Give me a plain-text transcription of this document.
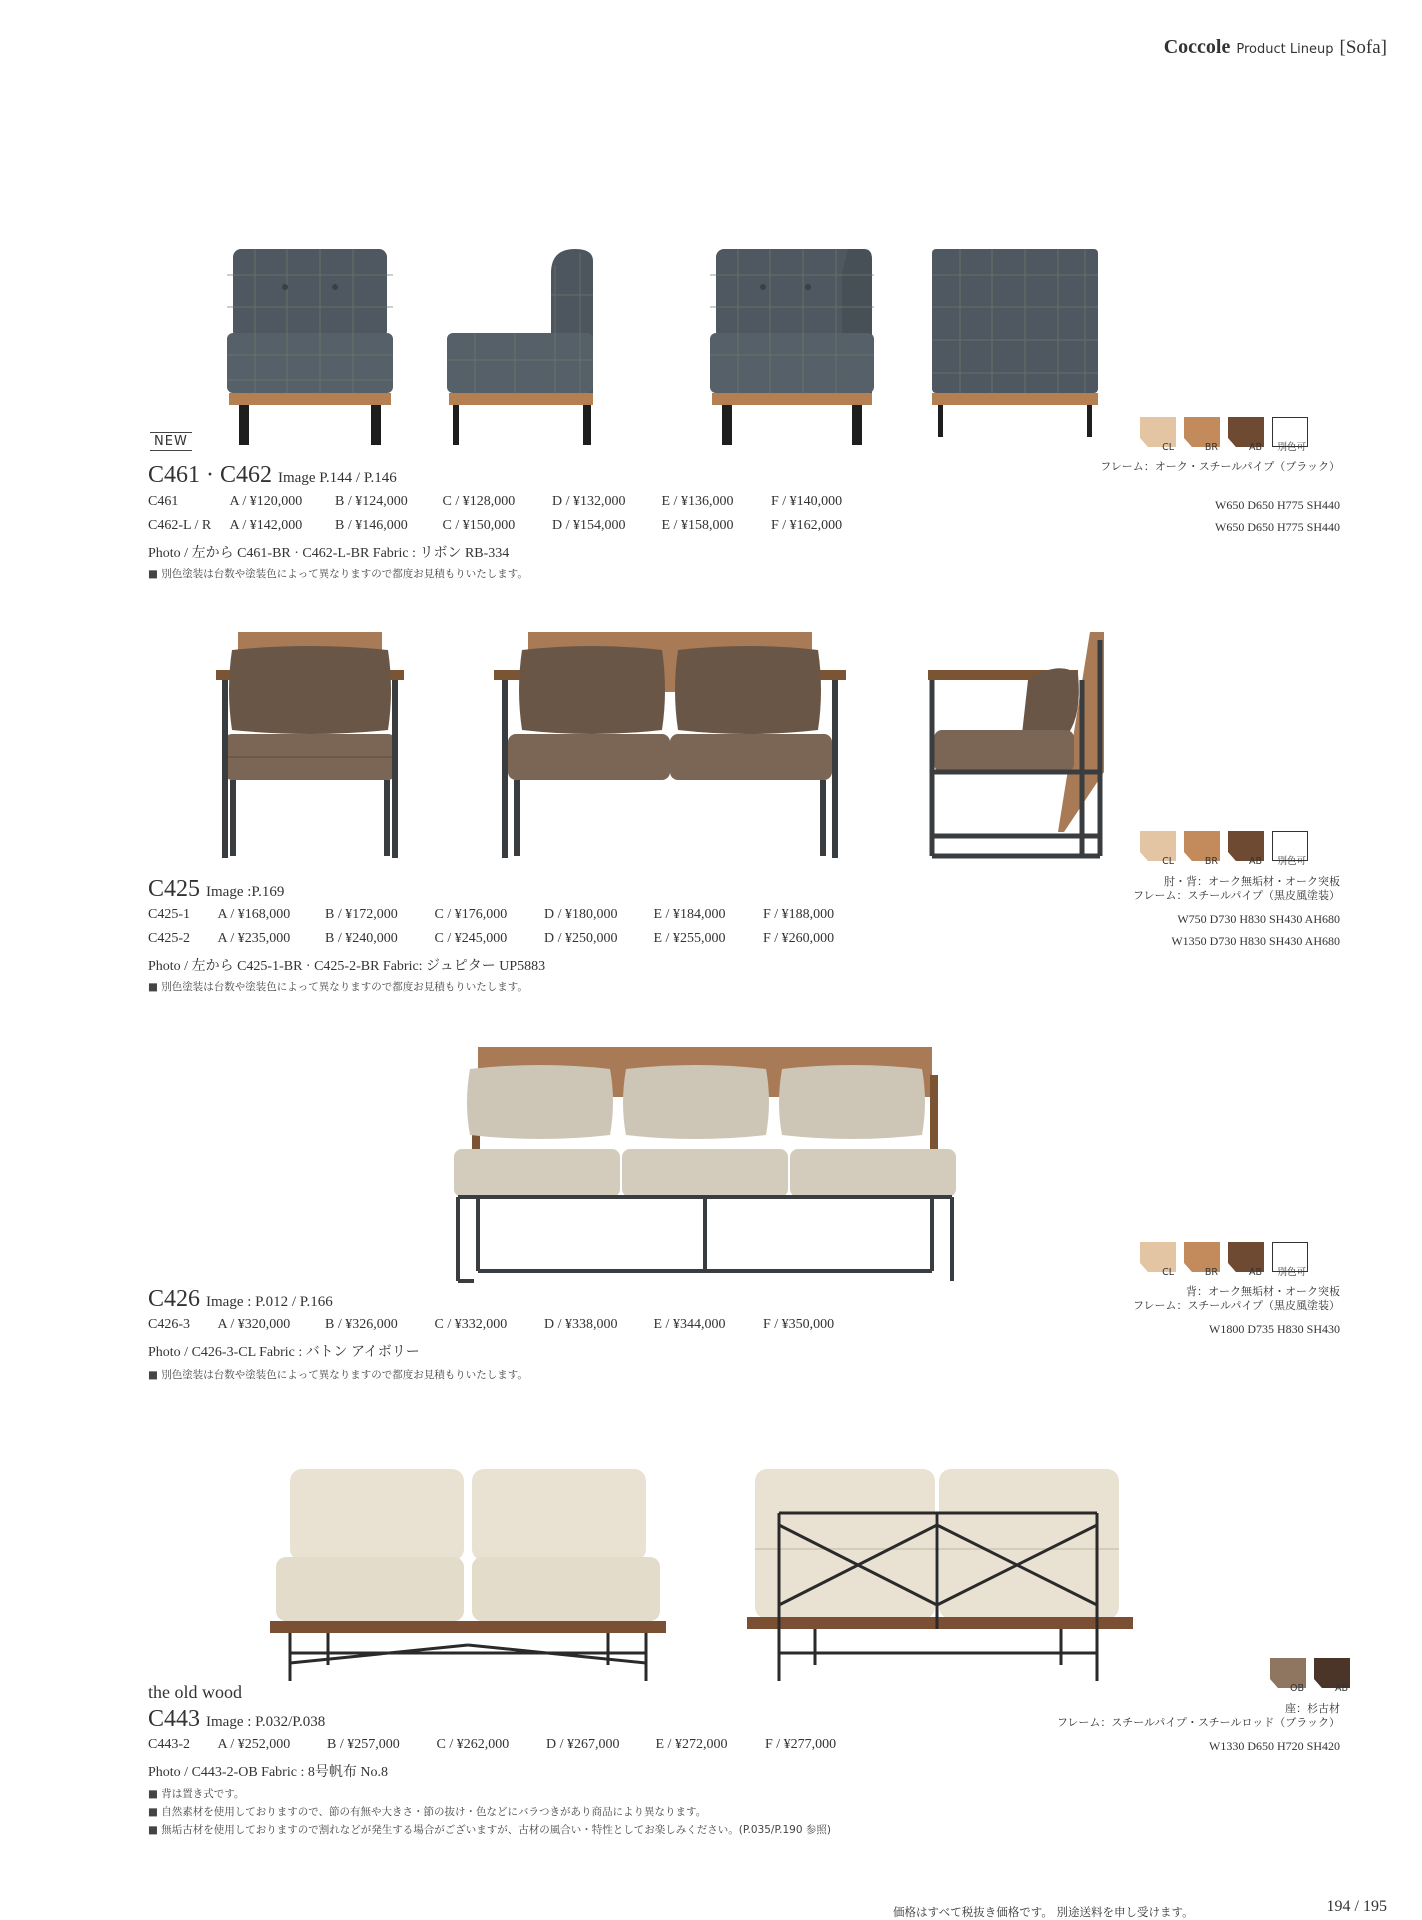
Coccole Product Lineup [Sofa]
NEW
C461 · C462 Image P.144 / P.146
C461	A / ¥120,000 B / ¥124,000 C / ¥128,000	D / ¥132,000	E / ¥136,000	F / ¥140,000
C462-L / R A / ¥142,000 B / ¥146,000 C / ¥150,000	D / ¥154,000	E / ¥158,000	F / ¥162,000
Photo / 左から C461-BR · C462-L-BR Fabric : リボン RB-334
■ 別色塗装は台数や塗装色によって異なりますので都度お見積もりいたします。
CL	BR	AB 別色可
フレーム：オーク・スチールパイプ（ブラック）
W650 D650 H775 SH440
W650 D650 H775 SH440
C425 Image :P.169
C425-1 A / ¥168,000 B / ¥172,000	C / ¥176,000	D / ¥180,000	E / ¥184,000	F / ¥188,000
C425-2 A / ¥235,000 B / ¥240,000	C / ¥245,000	D / ¥250,000	E / ¥255,000	F / ¥260,000
Photo / 左から C425-1-BR · C425-2-BR Fabric: ジュピター UP5883
■ 別色塗装は台数や塗装色によって異なりますので都度お見積もりいたします。
CL	BR	AB 別色可
肘・背：オーク無垢材・オーク突板
フレーム：スチールパイプ（黒皮風塗装）
W750 D730 H830 SH430 AH680
W1350 D730 H830 SH430 AH680
C426 Image : P.012 / P.166
C426-3 A / ¥320,000 B / ¥326,000	C / ¥332,000	D / ¥338,000	E / ¥344,000	F / ¥350,000
Photo / C426-3-CL Fabric : バトン アイボリー
■ 別色塗装は台数や塗装色によって異なりますので都度お見積もりいたします。
CL	BR	AB 別色可
背：オーク無垢材・オーク突板
フレーム：スチールパイプ（黒皮風塗装）
W1800 D735 H830 SH430
the old wood
C443 Image : P.032/P.038
C443-2 A / ¥252,000	B / ¥257,000	C / ¥262,000	D / ¥267,000	E / ¥272,000	F / ¥277,000
Photo / C443-2-OB Fabric : 8号帆布 No.8
■ 背は置き式です。
■ 自然素材を使用しておりますので、節の有無や大きさ・節の抜け・色などにバラつきがあり商品により異なります。
■ 無垢古材を使用しておりますので割れなどが発生する場合がございますが、古材の風合い・特性としてお楽しみください。(P.035/P.190 参照)
OB	AB
座：杉古材
フレーム：スチールパイプ・スチールロッド（ブラック）
W1330 D650 H720 SH420
価格はすべて税抜き価格です。 別途送料を申し受けます。	194 / 195
